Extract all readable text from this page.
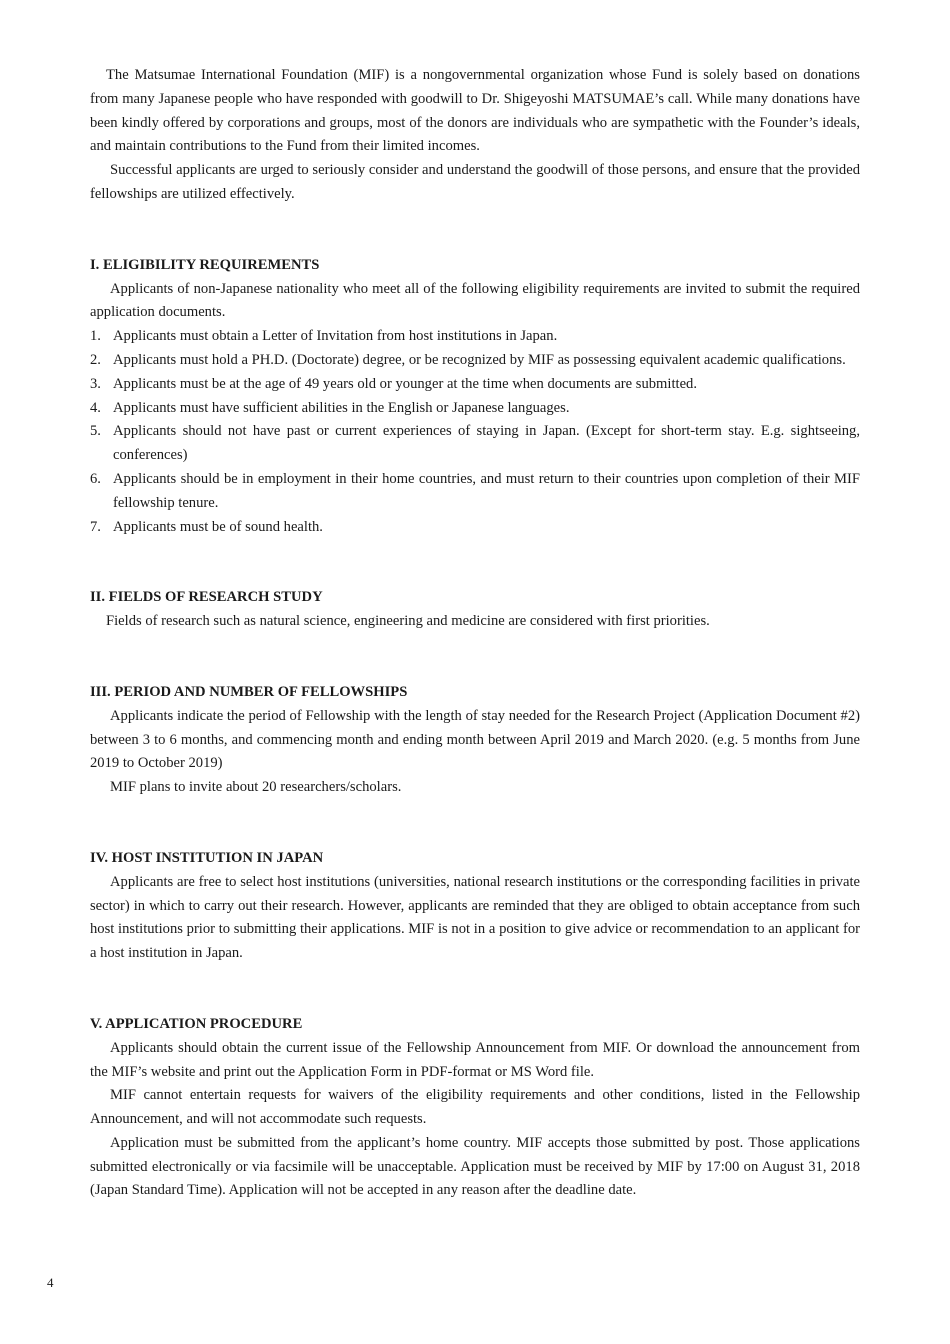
The Matsumae International Foundation (MIF) is a nongovernmental organization whose Fund is solely based on donations from many Japanese people who have responded with goodwill to Dr. Shigeyoshi MATSUMAE’s call. While many donations have been kindly offered by corporations and groups, most of the donors are individuals who are sympathetic with the Founder’s ideals, and maintain contributions to the Fund from their limited incomes.

Successful applicants are urged to seriously consider and understand the goodwill of those persons, and ensure that the provided fellowships are utilized effectively.

I. ELIGIBILITY REQUIREMENTS

Applicants of non-Japanese nationality who meet all of the following eligibility requirements are invited to submit the required application documents.

1. Applicants must obtain a Letter of Invitation from host institutions in Japan.
2. Applicants must hold a PH.D. (Doctorate) degree, or be recognized by MIF as possessing equivalent academic qualifications.
3. Applicants must be at the age of 49 years old or younger at the time when documents are submitted.
4. Applicants must have sufficient abilities in the English or Japanese languages.
5. Applicants should not have past or current experiences of staying in Japan. (Except for short-term stay. E.g. sightseeing, conferences)
6. Applicants should be in employment in their home countries, and must return to their countries upon completion of their MIF fellowship tenure.
7. Applicants must be of sound health.
II. FIELDS OF RESEARCH STUDY

Fields of research such as natural science, engineering and medicine are considered with first priorities.

III. PERIOD AND NUMBER OF FELLOWSHIPS

Applicants indicate the period of Fellowship with the length of stay needed for the Research Project (Application Document #2) between 3 to 6 months, and commencing month and ending month between April 2019 and March 2020. (e.g. 5 months from June 2019 to October 2019)

MIF plans to invite about 20 researchers/scholars.

IV. HOST INSTITUTION IN JAPAN

Applicants are free to select host institutions (universities, national research institutions or the corresponding facilities in private sector) in which to carry out their research. However, applicants are reminded that they are obliged to obtain acceptance from such host institutions prior to submitting their applications. MIF is not in a position to give advice or recommendation to an applicant for a host institution in Japan.

V. APPLICATION PROCEDURE

Applicants should obtain the current issue of the Fellowship Announcement from MIF. Or download the announcement from the MIF’s website and print out the Application Form in PDF-format or MS Word file.

MIF cannot entertain requests for waivers of the eligibility requirements and other conditions, listed in the Fellowship Announcement, and will not accommodate such requests.

Application must be submitted from the applicant’s home country. MIF accepts those submitted by post. Those applications submitted electronically or via facsimile will be unacceptable. Application must be received by MIF by 17:00 on August 31, 2018 (Japan Standard Time). Application will not be accepted in any reason after the deadline date.

4
